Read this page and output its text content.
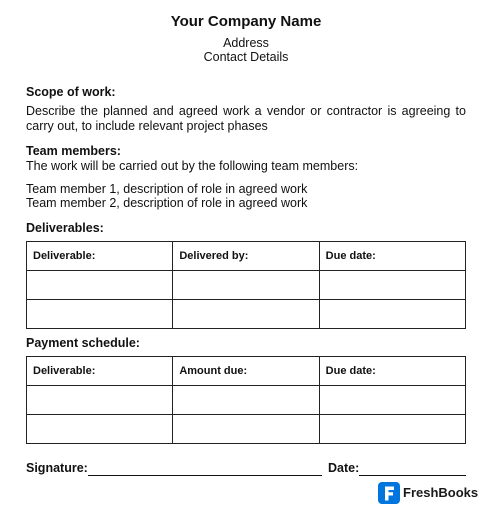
Your Company Name
Address
Contact Details
Scope of work:
Describe the planned and agreed work a vendor or contractor is agreeing to carry out, to include relevant project phases
Team members:
The work will be carried out by the following team members:
Team member 1, description of role in agreed work
Team member 2, description of role in agreed work
Deliverables:
Deliverable:	Delivered by:	Due date:

Payment schedule:
Deliverable:	Amount due:	Due date:

Signature:	Date:
FreshBooks
